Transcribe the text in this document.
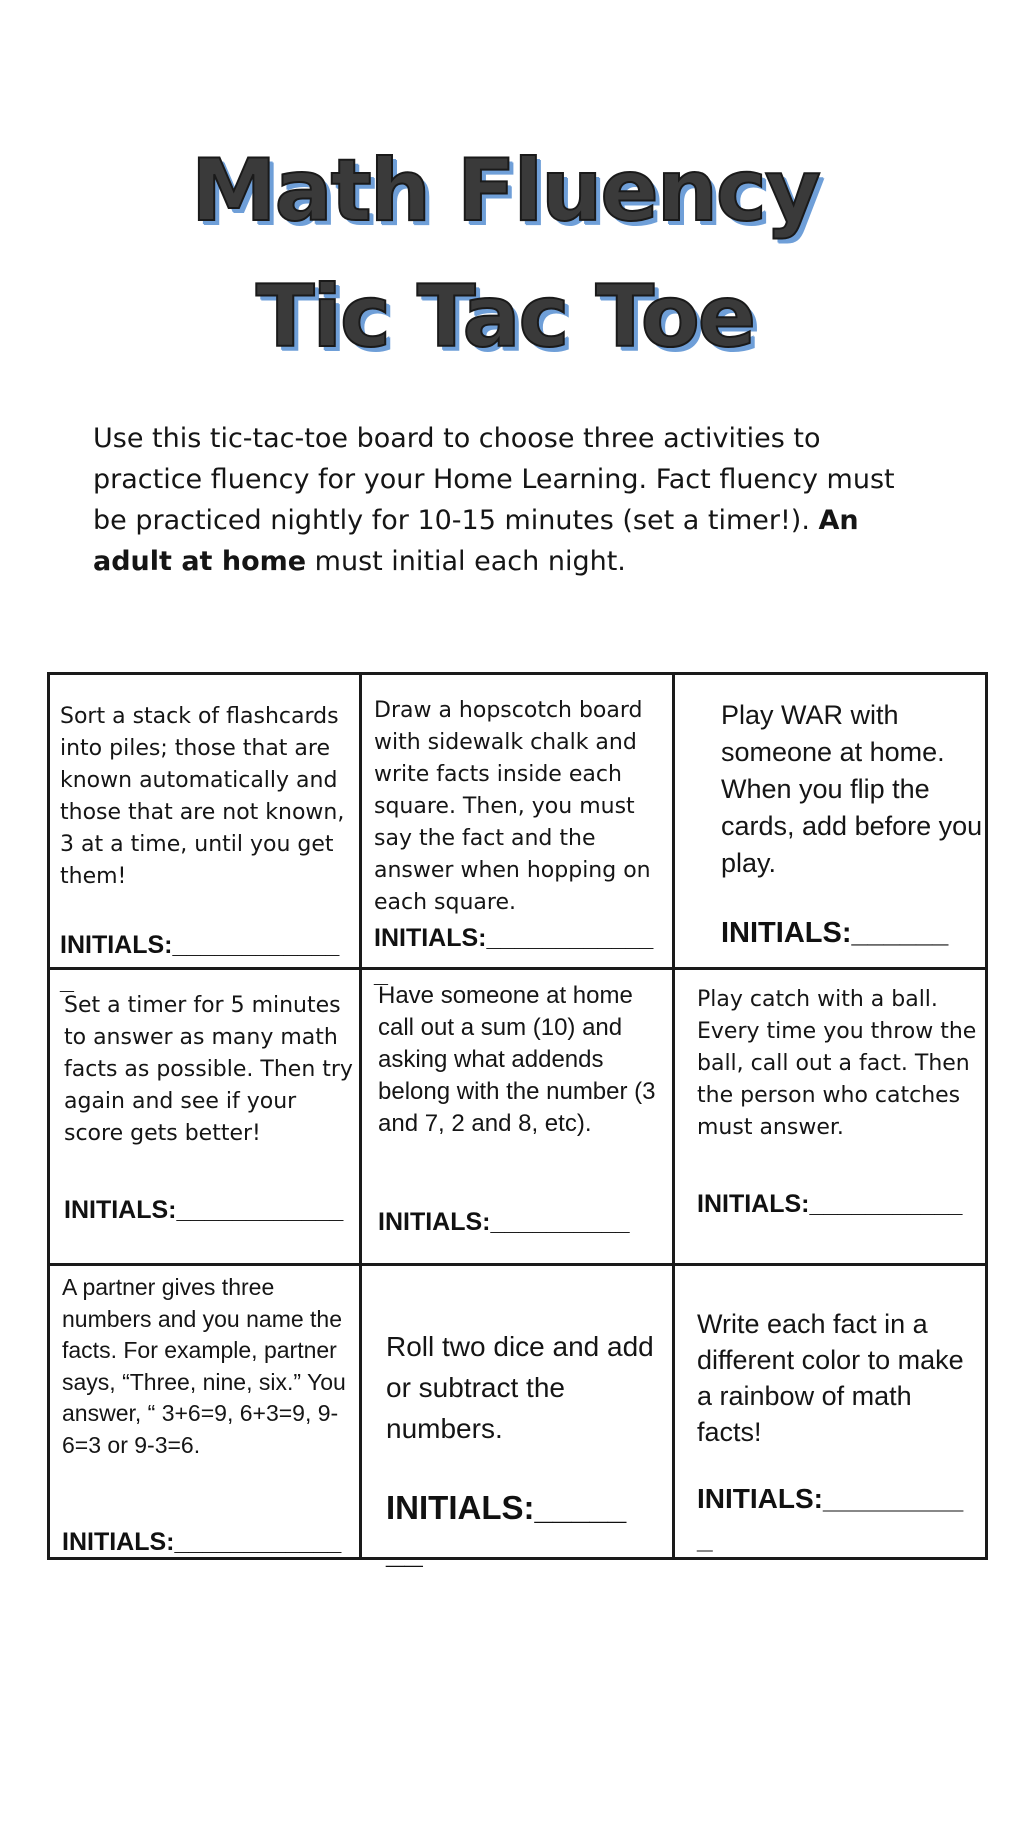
Math Fluency
Tic Tac Toe

Use this tic-tac-toe board to choose three activities to practice fluency for your Home Learning. Fact fluency must be practiced nightly for 10-15 minutes (set a timer!). An adult at home must initial each night.

Sort a stack of flashcards into piles; those that are known automatically and those that are not known, 3 at a time, until you get them!

INITIALS:_____________

Draw a hopscotch board with sidewalk chalk and write facts inside each square. Then, you must say the fact and the answer when hopping on each square.

INITIALS:_____________

Play WAR with someone at home. When you flip the cards, add before you play.

INITIALS:______

Set a timer for 5 minutes to answer as many math facts as possible. Then try again and see if your score gets better!

INITIALS:____________

Have someone at home call out a sum (10) and asking what addends belong with the number (3 and 7, 2 and 8, etc).

INITIALS:__________

Play catch with a ball. Every time you throw the ball, call out a fact. Then the person who catches must answer.

INITIALS:___________

A partner gives three numbers and you name the facts. For example, partner says, “Three, nine, six.” You answer, “ 3+6=9, 6+3=9, 9-6=3 or 9-3=6.

INITIALS:____________

Roll two dice and add or subtract the numbers.

INITIALS:_______

Write each fact in a different color to make a rainbow of math facts!

INITIALS:__________
